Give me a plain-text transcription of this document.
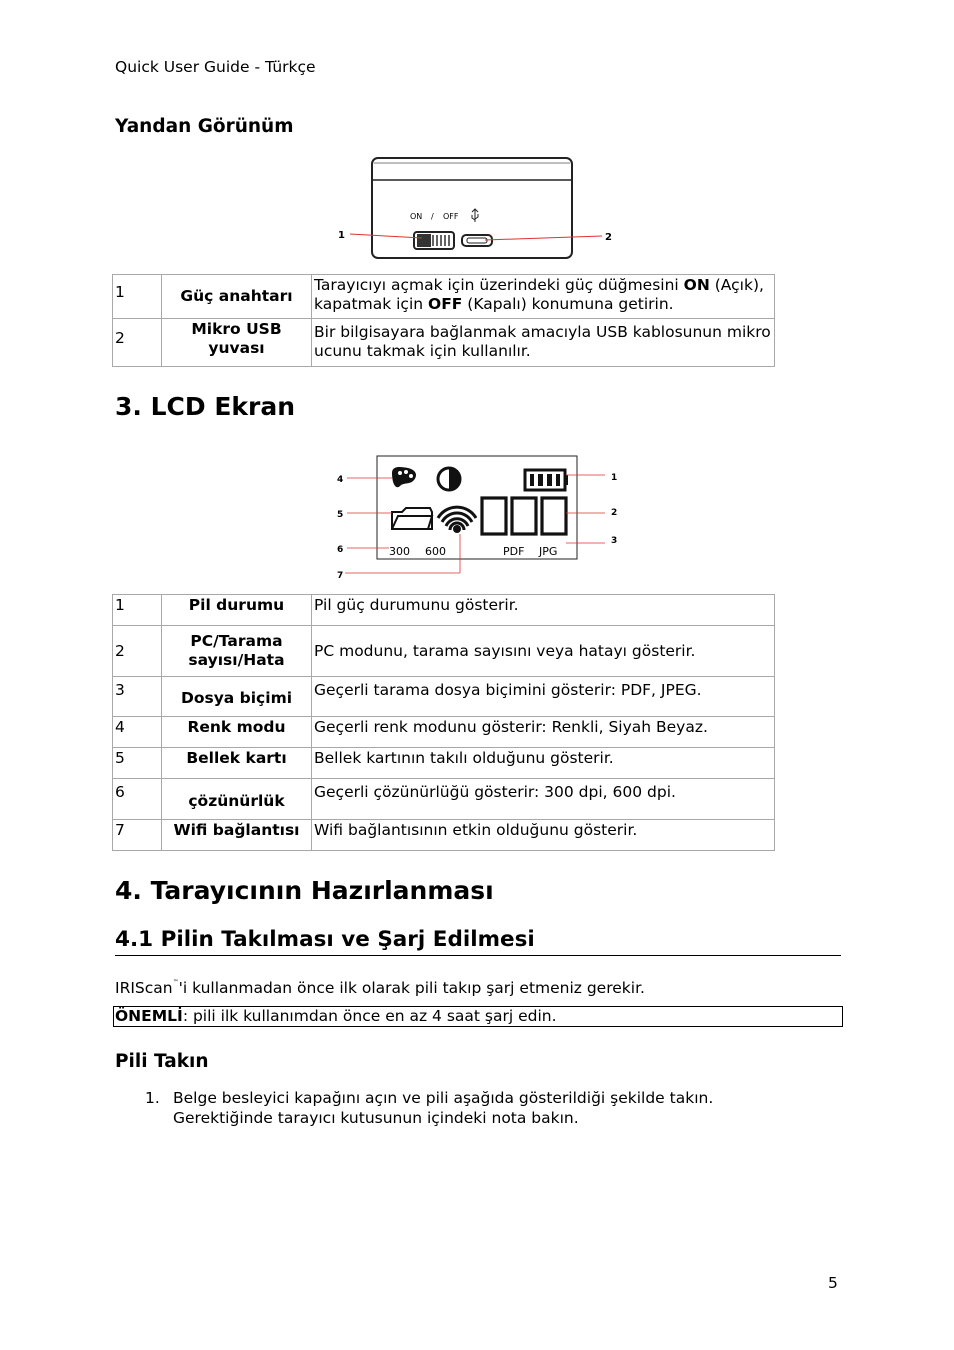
Quick User Guide - Türkçe
Yandan Görünüm
ON / OFF
1	2
1	Güç anahtarı	Tarayıcıyı açmak için üzerindeki güç düğmesini ON (Açık), kapatmak için OFF (Kapalı) konumuna getirin.
2	Mikro USB yuvası	Bir bilgisayara bağlanmak amacıyla USB kablosunun mikro ucunu takmak için kullanılır.
3. LCD Ekran
300 600	PDF JPG
4
5
6
7
1
2
3
1	Pil durumu	Pil güç durumunu gösterir.
2	PC/Tarama sayısı/Hata	PC modunu, tarama sayısını veya hatayı gösterir.
3	Dosya biçimi	Geçerli tarama dosya biçimini gösterir: PDF, JPEG.
4	Renk modu	Geçerli renk modunu gösterir: Renkli, Siyah Beyaz.
5	Bellek kartı	Bellek kartının takılı olduğunu gösterir.
6	çözünürlük	Geçerli çözünürlüğü gösterir: 300 dpi, 600 dpi.
7	Wifi bağlantısı	Wifi bağlantısının etkin olduğunu gösterir.
4. Tarayıcının Hazırlanması
4.1 Pilin Takılması ve Şarj Edilmesi
IRIScan™'i kullanmadan önce ilk olarak pili takıp şarj etmeniz gerekir.
ÖNEMLİ: pili ilk kullanımdan önce en az 4 saat şarj edin.
Pili Takın
1. Belge besleyici kapağını açın ve pili aşağıda gösterildiği şekilde takın.
Gerektiğinde tarayıcı kutusunun içindeki nota bakın.
5
